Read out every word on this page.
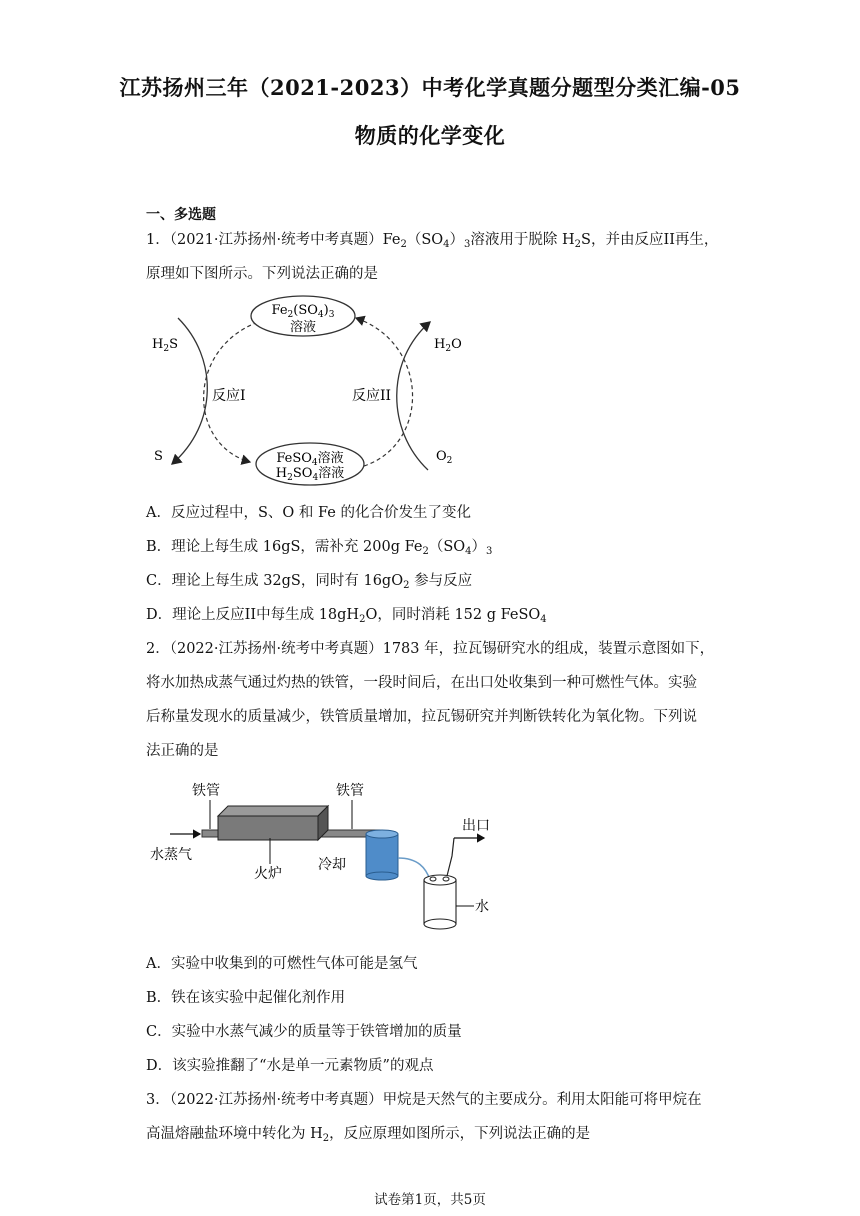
江苏扬州三年（2021-2023）中考化学真题分题型分类汇编-05
物质的化学变化
一、多选题
1．（2021·江苏扬州·统考中考真题）$Fe_2(SO_4)_3$溶液用于脱除 $H_2S$，并由反应II再生，
原理如下图所示。下列说法正确的是
$Fe_2(SO_4)_3$
溶液
FeSO$_4$溶液
$H_2SO_4$溶液
$H_2S$
S
$H_2O$
$O_2$
反应I	反应II
A．反应过程中，S、O 和 Fe 的化合价发生了变化
B．理论上每生成 16gS，需补充 200g $Fe_2(SO_4)_3$
C．理论上每生成 32gS，同时有 $16gO_2$ 参与反应
D．理论上反应II中每生成 $18gH_2O$，同时消耗 152 g FeSO$_4$
2．（2022·江苏扬州·统考中考真题）1783 年，拉瓦锡研究水的组成，装置示意图如下，
将水加热成蒸气通过灼热的铁管，一段时间后，在出口处收集到一种可燃性气体。实验
后称量发现水的质量减少，铁管质量增加，拉瓦锡研究并判断铁转化为氧化物。下列说
法正确的是
铁管	铁管
水蒸气
火炉
冷却
出口
水
A．实验中收集到的可燃性气体可能是氢气
B．铁在该实验中起催化剂作用
C．实验中水蒸气减少的质量等于铁管增加的质量
D．该实验推翻了“水是单一元素物质”的观点
3．（2022·江苏扬州·统考中考真题）甲烷是天然气的主要成分。利用太阳能可将甲烷在
高温熔融盐环境中转化为 $H_2$，反应原理如图所示，下列说法正确的是
试卷第1页，共5页
